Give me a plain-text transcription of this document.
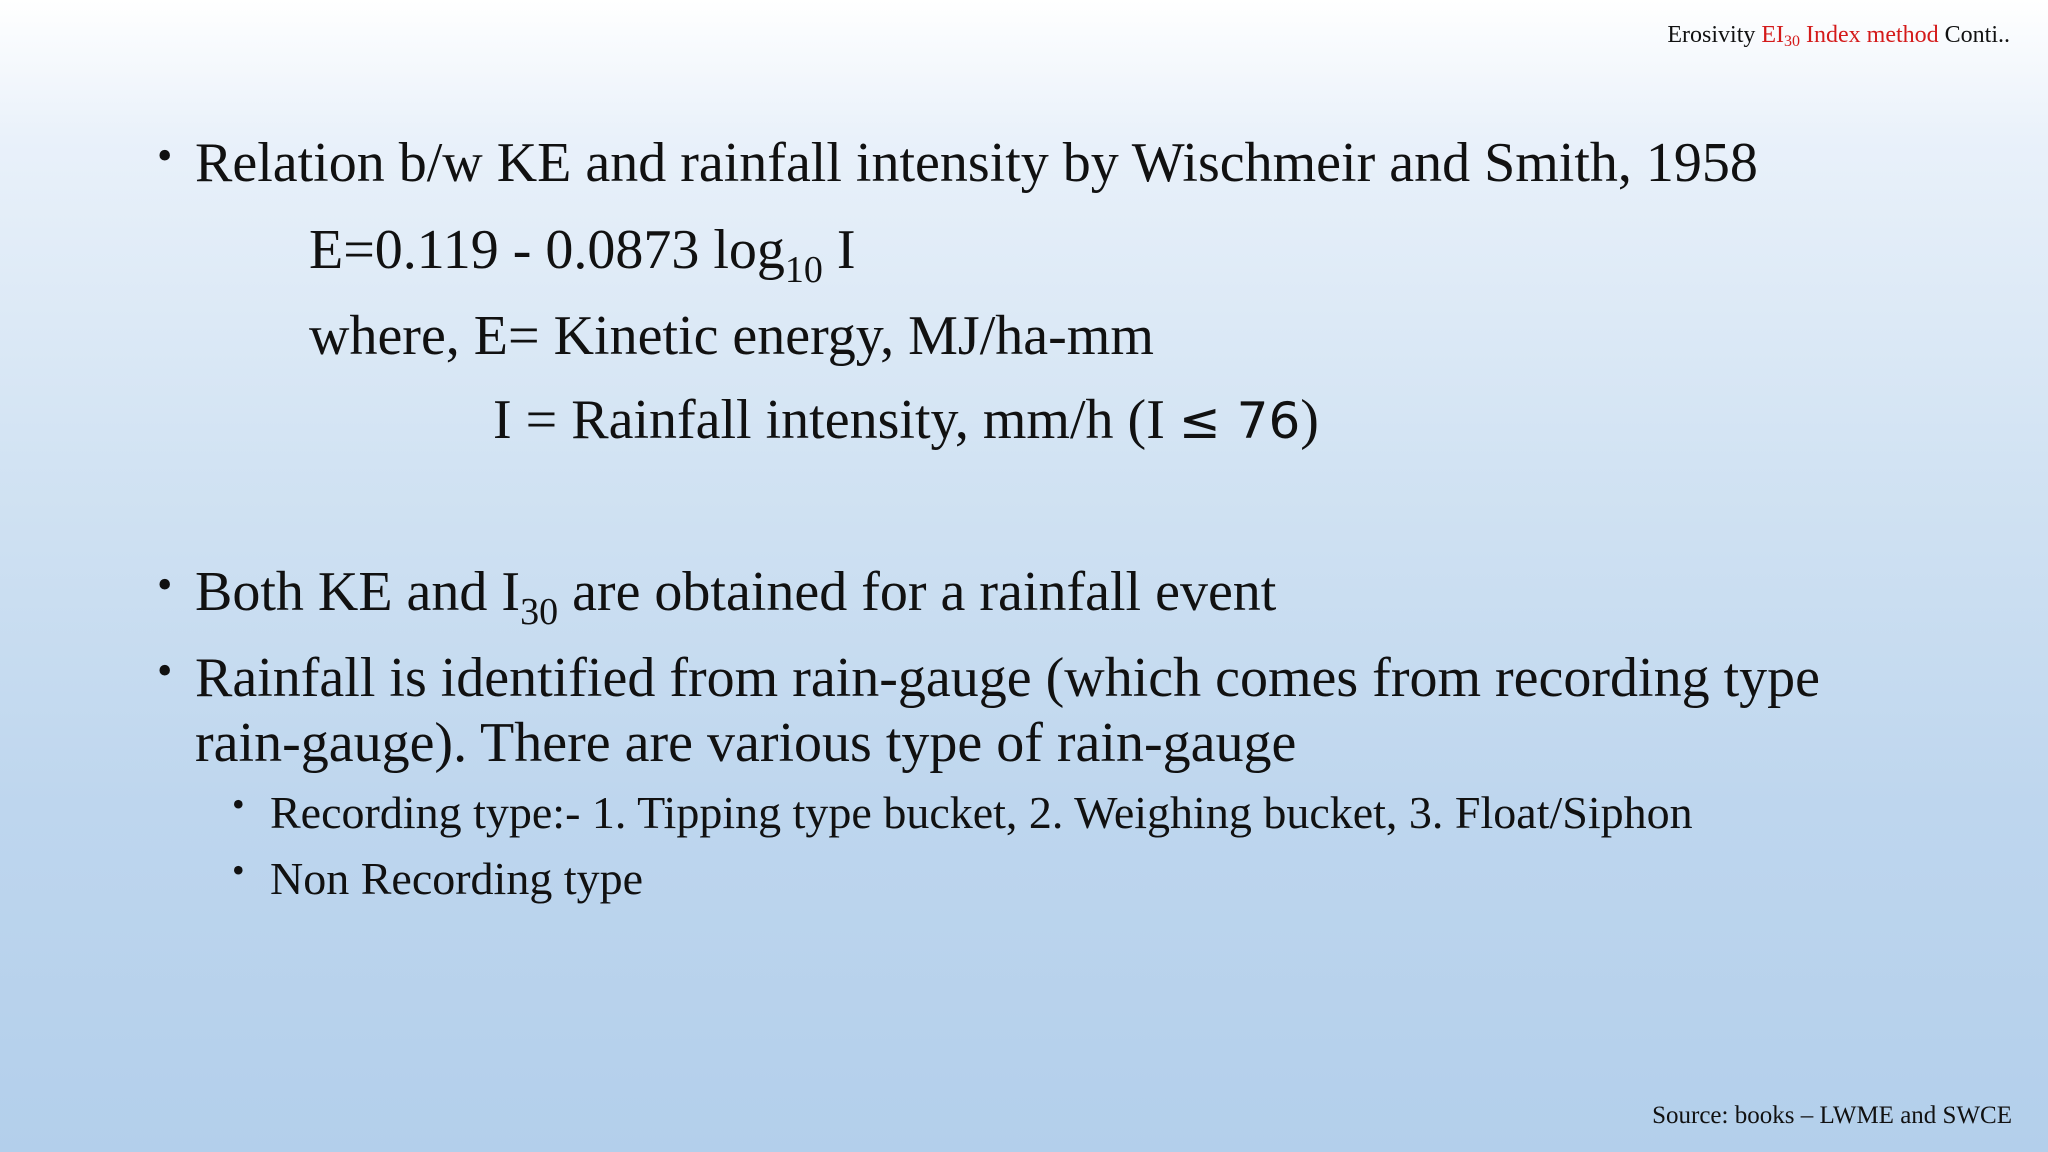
Erosivity $EI_{30}$ Index method Conti..
• Relation b/w KE and rainfall intensity by Wischmeir and Smith, 1958
E=0.119 - 0.0873 $\log_{10} I$
where, E= Kinetic energy, MJ/ha-mm
I = Rainfall intensity, mm/h (I ≤ 76)
• Both KE and $I_{30}$ are obtained for a rainfall event
• Rainfall is identified from rain-gauge (which comes from recording type rain-gauge). There are various type of rain-gauge
• Recording type:- 1. Tipping type bucket, 2. Weighing bucket, 3. Float/Siphon
• Non Recording type
Source: books – LWME and SWCE
